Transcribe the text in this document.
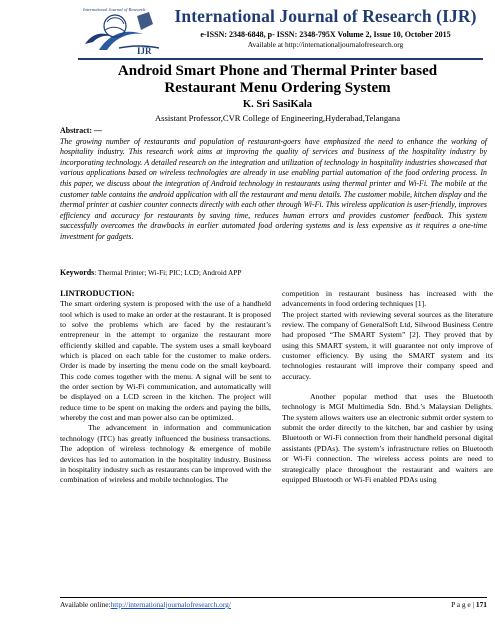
International Journal of Research
IJR
International Journal of Research (IJR)
e-ISSN: 2348-6848, p- ISSN: 2348-795X Volume 2, Issue 10, October 2015
Available at http://internationaljournalofresearch.org
Android Smart Phone and Thermal Printer based
Restaurant Menu Ordering System
K. Sri SasiKala
Assistant Professor,CVR College of Engineering,Hyderabad,Telangana
Abstract: —
The growing number of restaurants and population of restaurant-goers have emphasized the need to enhance the working of hospitality industry. This research work aims at improving the quality of services and business of the hospitality industry by incorporating technology. A detailed research on the integration and utilization of technology in hospitality industries showcased that various applications based on wireless technologies are already in use enabling partial automation of the food ordering process. In this paper, we discuss about the integration of Android technology in restaurants using thermal printer and Wi-Fi. The mobile at the customer table contains the android application with all the restaurant and menu details. The customer mobile, kitchen display and the thermal printer at cashier counter connects directly with each other through Wi-Fi. This wireless application is user-friendly, improves efficiency and accuracy for restaurants by saving time, reduces human errors and provides customer feedback. This system successfully overcomes the drawbacks in earlier automated food ordering systems and is less expensive as it requires a one-time investment for gadgets.
Keywords: Thermal Printer; Wi-Fi; PIC; LCD; Android APP

I.INTRODUCTION:

The smart ordering system is proposed with the use of a handheld tool which is used to make an order at the restaurant. It is proposed to solve the problems which are faced by the restaurant’s entrepreneur in the attempt to organize the restaurant more efficiently skilled and capable. The system uses a small keyboard which is placed on each table for the customer to make orders. Order is made by inserting the menu code on the small keyboard. This code comes together with the menu. A signal will be sent to the order section by Wi-Fi communication, and automatically will be displayed on a LCD screen in the kitchen. The project will reduce time to be spent on making the orders and paying the bills, whereby the cost and man power also can be optimized.

The advancement in information and communication technology (ITC) has greatly influenced the business transactions. The adoption of wireless technology & emergence of mobile devices has led to automation in the hospitality industry. Business in hospitality industry such as restaurants can be improved with the combination of wireless and mobile technologies. The

competition in restaurant business has increased with the advancements in food ordering techniques [1].

The project started with reviewing several sources as the literature review. The company of GeneralSoft Ltd, Silwood Business Centre had proposed “The SMART System” [2]. They proved that by using this SMART system, it will guarantee not only improve of customer efficiency. By using the SMART system and its technologies restaurant will improve their company speed and accuracy.

Another popular method that uses the Bluetooth technology is MGI Multimedia Sdn. Bhd.’s Malaysian Delights. The system allows waiters use an electronic submit order system to submit the order directly to the kitchen, bar and cashier by using Bluetooth or Wi-Fi connection from their handheld personal digital assistants (PDAs). The system’s infrastructure relies on Bluetooth or Wi-Fi connection. The wireless access points are need to strategically place throughout the restaurant and waiters are equipped Bluetooth or Wi-Fi enabled PDAs using

Available online:http://internationaljournalofresearch.org/	P a g e | 171
